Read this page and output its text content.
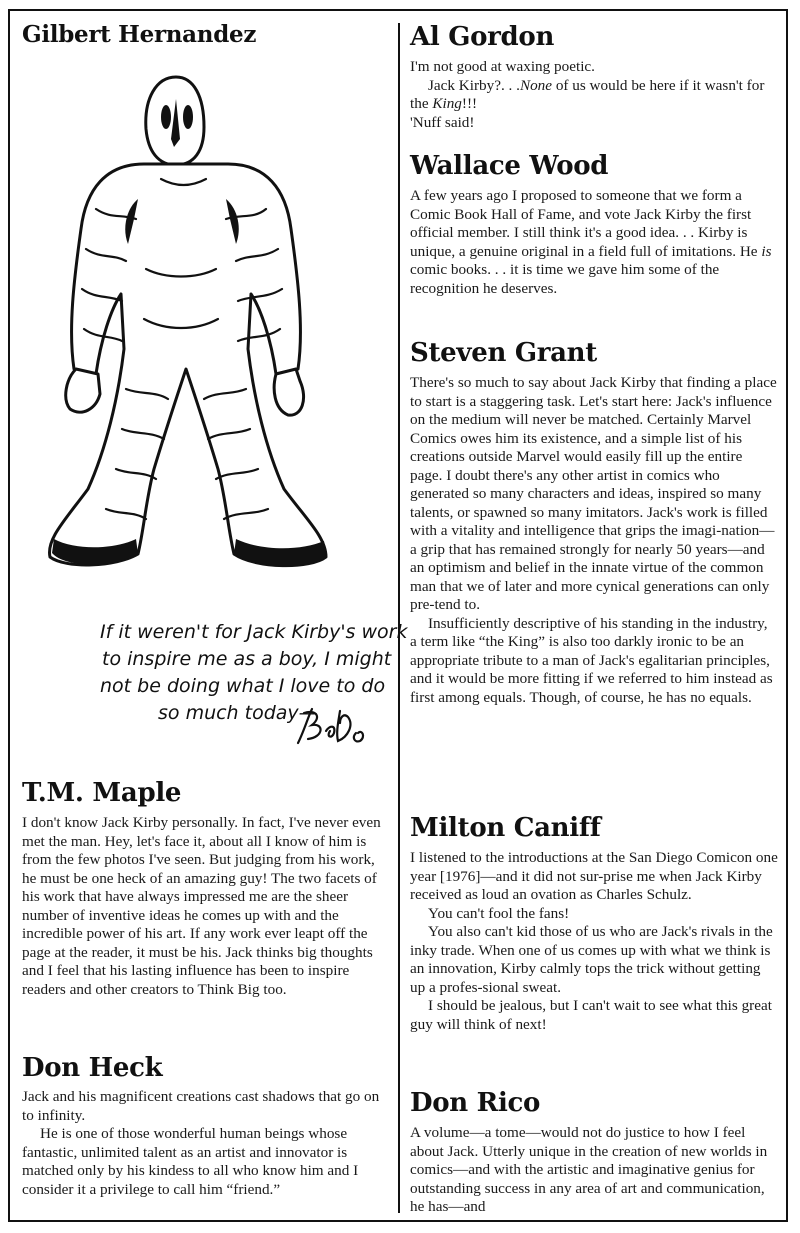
Gilbert Hernandez
If it weren't for Jack Kirby's work
to inspire me as a boy, I might
not be doing what I love to do
so much today—
T.M. Maple

I don't know Jack Kirby personally. In fact, I've never even met the man. Hey, let's face it, about all I know of him is from the few photos I've seen. But judging from his work, he must be one heck of an amazing guy! The two facets of his work that have always impressed me are the sheer number of inventive ideas he comes up with and the incredible power of his art. If any work ever leapt off the page at the reader, it must be his. Jack thinks big thoughts and I feel that his lasting influence has been to inspire readers and other creators to Think Big too.

Don Heck

Jack and his magnificent creations cast shadows that go on to infinity.

He is one of those wonderful human beings whose fantastic, unlimited talent as an artist and innovator is matched only by his kindess to all who know him and I consider it a privilege to call him “friend.”

Al Gordon

I'm not good at waxing poetic.

Jack Kirby?. . .None of us would be here if it wasn't for the King!!!

'Nuff said!

Wallace Wood

A few years ago I proposed to someone that we form a Comic Book Hall of Fame, and vote Jack Kirby the first official member. I still think it's a good idea. . . Kirby is unique, a genuine original in a field full of imitations. He is comic books. . . it is time we gave him some of the recognition he deserves.

Steven Grant

There's so much to say about Jack Kirby that finding a place to start is a staggering task. Let's start here: Jack's influence on the medium will never be matched. Certainly Marvel Comics owes him its existence, and a simple list of his creations outside Marvel would easily fill up the entire page. I doubt there's any other artist in comics who generated so many characters and ideas, inspired so many talents, or spawned so many imitators. Jack's work is filled with a vitality and intelligence that grips the imagi-nation—a grip that has remained strongly for nearly 50 years—and an optimism and belief in the innate virtue of the common man that we of later and more cynical generations can only pre-tend to.

Insufficiently descriptive of his standing in the industry, a term like “the King” is also too darkly ironic to be an appropriate tribute to a man of Jack's egalitarian principles, and it would be more fitting if we referred to him instead as first among equals. Though, of course, he has no equals.

Milton Caniff

I listened to the introductions at the San Diego Comicon one year [1976]—and it did not sur-prise me when Jack Kirby received as loud an ovation as Charles Schulz.

You can't fool the fans!

You also can't kid those of us who are Jack's rivals in the inky trade. When one of us comes up with what we think is an innovation, Kirby calmly tops the trick without getting up a profes-sional sweat.

I should be jealous, but I can't wait to see what this great guy will think of next!

Don Rico

A volume—a tome—would not do justice to how I feel about Jack. Utterly unique in the creation of new worlds in comics—and with the artistic and imaginative genius for outstanding success in any area of art and communication, he has—and
